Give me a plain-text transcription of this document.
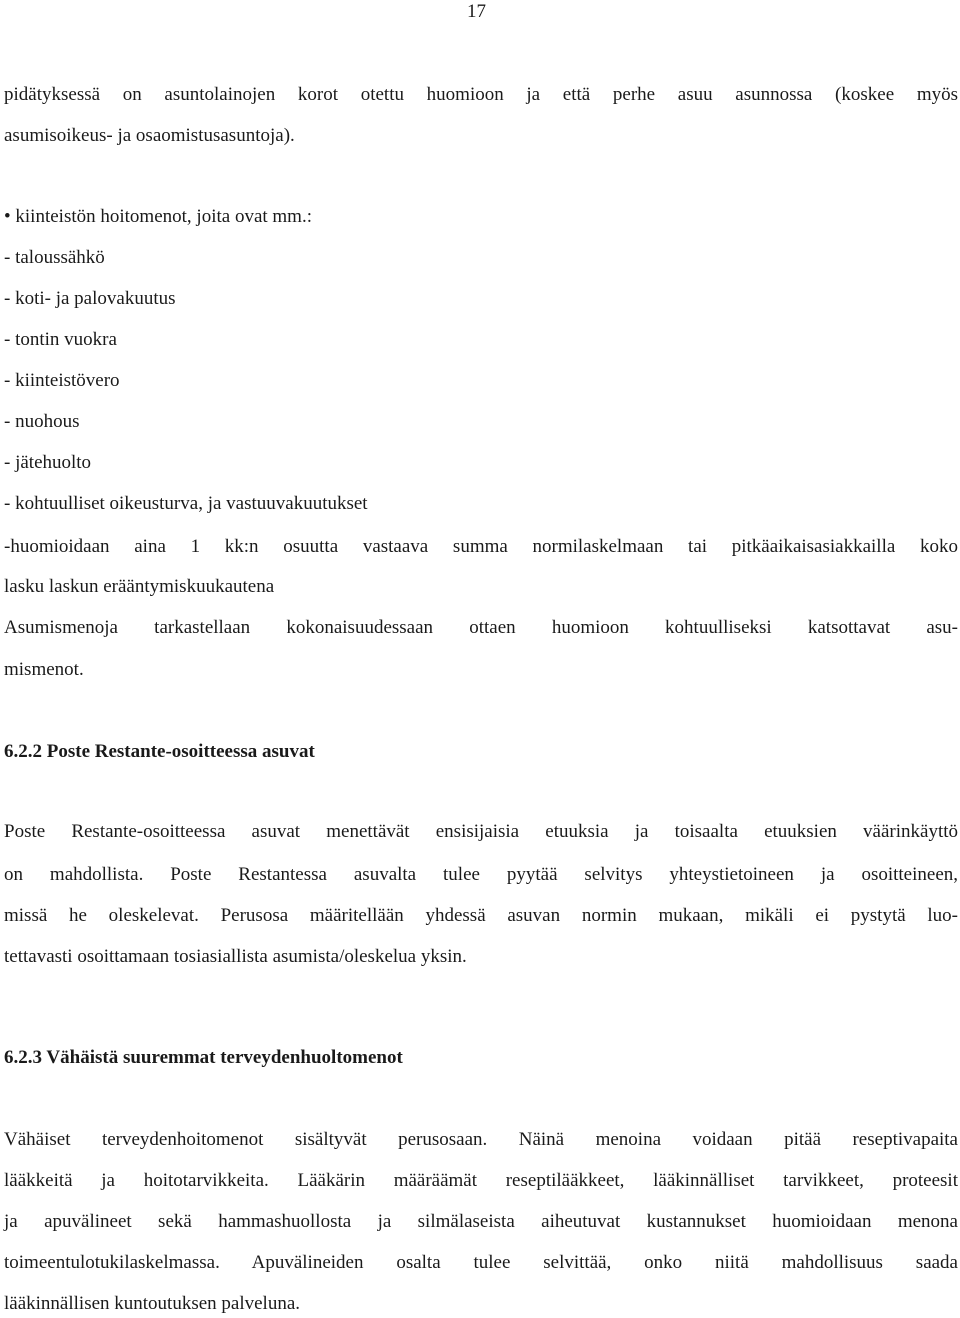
17
pidätyksessä on asuntolainojen korot otettu huomioon ja että perhe asuu asunnossa (koskee myös
asumisoikeus- ja osaomistusasuntoja).
• kiinteistön hoitomenot, joita ovat mm.:
- taloussähkö
- koti- ja palovakuutus
- tontin vuokra
- kiinteistövero
- nuohous
- jätehuolto
- kohtuulliset oikeusturva, ja vastuuvakuutukset
-huomioidaan aina 1 kk:n osuutta vastaava summa normilaskelmaan tai pitkäaikaisasiakkailla koko
lasku laskun erääntymiskuukautena
Asumismenoja tarkastellaan kokonaisuudessaan ottaen huomioon kohtuulliseksi katsottavat asu-
mismenot.
6.2.2 Poste Restante-osoitteessa asuvat
Poste Restante-osoitteessa asuvat menettävät ensisijaisia etuuksia ja toisaalta etuuksien väärinkäyttö
on mahdollista. Poste Restantessa asuvalta tulee pyytää selvitys yhteystietoineen ja osoitteineen,
missä he oleskelevat. Perusosa määritellään yhdessä asuvan normin mukaan, mikäli ei pystytä luo-
tettavasti osoittamaan tosiasiallista asumista/oleskelua yksin.
6.2.3 Vähäistä suuremmat terveydenhuoltomenot
Vähäiset terveydenhoitomenot sisältyvät perusosaan. Näinä menoina voidaan pitää reseptivapaita
lääkkeitä ja hoitotarvikkeita. Lääkärin määräämät reseptilääkkeet, lääkinnälliset tarvikkeet, proteesit
ja apuvälineet sekä hammashuollosta ja silmälaseista aiheutuvat kustannukset huomioidaan menona
toimeentulotukilaskelmassa. Apuvälineiden osalta tulee selvittää, onko niitä mahdollisuus saada
lääkinnällisen kuntoutuksen palveluna.
